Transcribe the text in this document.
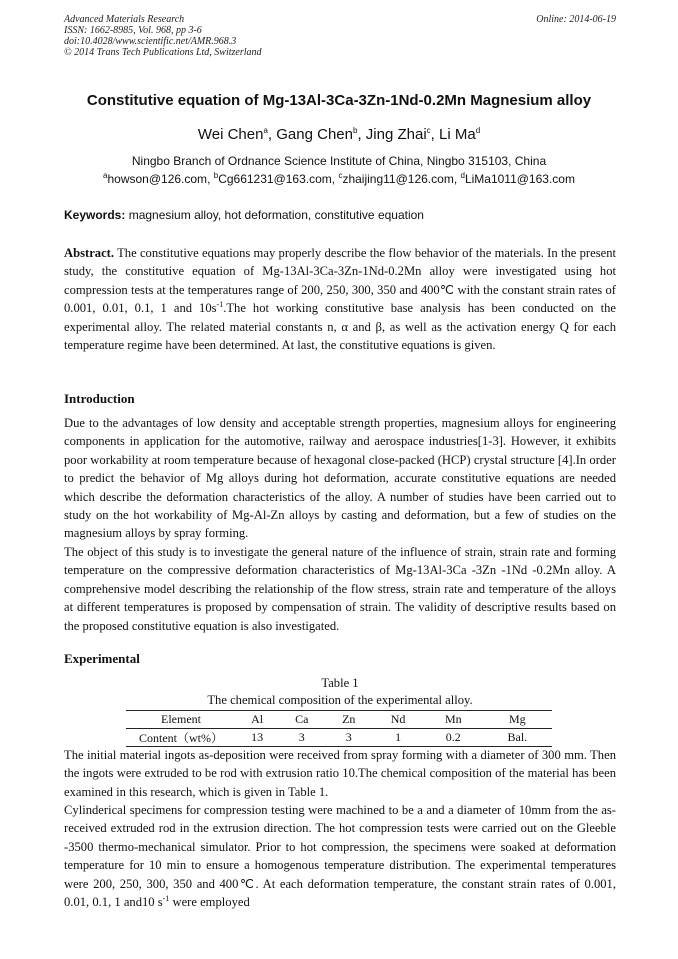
Advanced Materials Research
ISSN: 1662-8985, Vol. 968, pp 3-6
doi:10.4028/www.scientific.net/AMR.968.3
© 2014 Trans Tech Publications Ltd, Switzerland
Online: 2014-06-19
Constitutive equation of Mg-13Al-3Ca-3Zn-1Nd-0.2Mn Magnesium alloy
Wei Chen$^a$, Gang Chen$^b$, Jing Zhai$^c$, Li Ma$^d$
Ningbo Branch of Ordnance Science Institute of China, Ningbo 315103, China
$^a$howson@126.com, $^b$Cg661231@163.com, $^c$zhaijing11@126.com, $^d$LiMa1011@163.com
Keywords: magnesium alloy, hot deformation, constitutive equation
Abstract. The constitutive equations may properly describe the flow behavior of the materials. In the present study, the constitutive equation of Mg-13Al-3Ca-3Zn-1Nd-0.2Mn alloy were investigated using hot compression tests at the temperatures range of 200, 250, 300, 350 and 400℃ with the constant strain rates of 0.001, 0.01, 0.1, 1 and $10s^{-1}.The$ hot working constitutive base analysis has been conducted on the experimental alloy. The related material constants n, α and β, as well as the activation energy Q for each temperature regime have been determined. At last, the constitutive equations is given.
Introduction
Due to the advantages of low density and acceptable strength properties, magnesium alloys for engineering components in application for the automotive, railway and aerospace industries[1-3]. However, it exhibits poor workability at room temperature because of hexagonal close-packed (HCP) crystal structure [4].In order to predict the behavior of Mg alloys during hot deformation, accurate constitutive equations are needed which describe the deformation characteristics of the alloy. A number of studies have been carried out to study on the hot workability of Mg-Al-Zn alloys by casting and deformation, but a few of studies on the magnesium alloys by spray forming.
The object of this study is to investigate the general nature of the influence of strain, strain rate and forming temperature on the compressive deformation characteristics of Mg-13Al-3Ca -3Zn -1Nd -0.2Mn alloy. A comprehensive model describing the relationship of the flow stress, strain rate and temperature of the alloys at different temperatures is proposed by compensation of strain. The validity of descriptive results based on the proposed constitutive equation is also investigated.
Experimental
Table 1
The chemical composition of the experimental alloy.
Element	Al	Ca	Zn	Nd	Mn	Mg
Content（wt%）	13	3	3	1	0.2	Bal.
The initial material ingots as-deposition were received from spray forming with a diameter of 300 mm. Then the ingots were extruded to be rod with extrusion ratio 10.The chemical composition of the material has been examined in this research, which is given in Table 1.
Cylinderical specimens for compression testing were machined to be a and a diameter of 10mm from the as-received extruded rod in the extrusion direction. The hot compression tests were carried out on the Gleeble -3500 thermo-mechanical simulator. Prior to hot compression, the specimens were soaked at deformation temperature for 10 min to ensure a homogenous temperature distribution. The experimental temperatures were 200, 250, 300, 350 and 400℃. At each deformation temperature, the constant strain rates of 0.001, 0.01, 0.1, 1 and10 $s^{-1}$ were employed
